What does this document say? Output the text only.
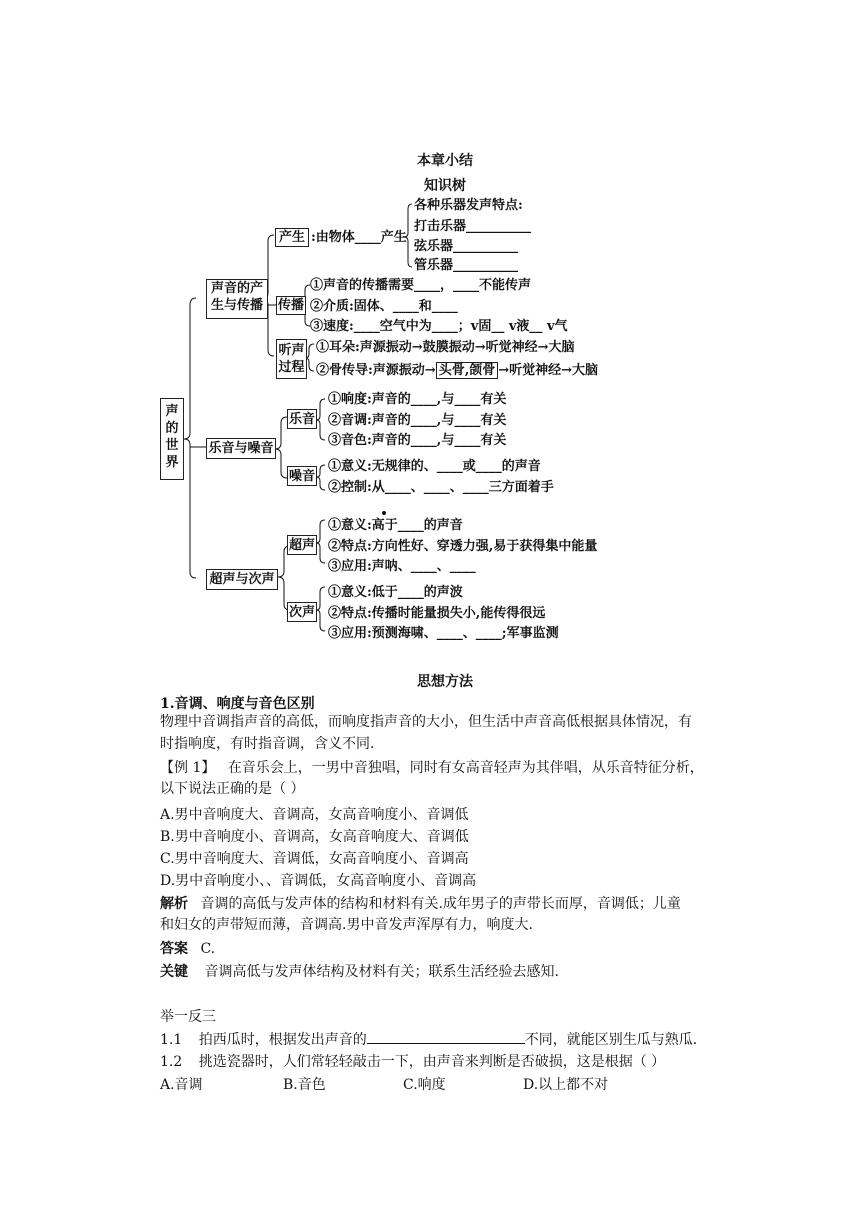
本章小结
知识树
声的世界
声音的产
生与传播
产生 :由物体____产生
各种乐器发声特点:
打击乐器__________
弦乐器__________
管乐器__________
传播
①声音的传播需要____，____不能传声
②介质:固体、____和____
③速度:____空气中为____；v固__ v液__ v气
听声
过程
①耳朵:声源振动→鼓膜振动→听觉神经→大脑
②骨传导:声源振动→ 头骨,颌骨 →听觉神经→大脑
乐音与噪音
乐音
①响度:声音的____,与____有关
②音调:声音的____,与____有关
③音色:声音的____,与____有关
噪音
①意义:无规律的、____或____的声音
②控制:从____、____、____三方面着手
超声与次声
超声
①意义:高于____的声音
②特点:方向性好、穿透力强,易于获得集中能量
③应用:声呐、____、____
次声
①意义:低于____的声波
②特点:传播时能量损失小,能传得很远
③应用:预测海啸、____、____;军事监测
思想方法
1.音调、响度与音色区别
物理中音调指声音的高低，而响度指声音的大小，但生活中声音高低根据具体情况，有
时指响度，有时指音调，含义不同.
【例 1】 在音乐会上，一男中音独唱，同时有女高音轻声为其伴唱，从乐音特征分析，
以下说法正确的是（ ）
A.男中音响度大、音调高，女高音响度小、音调低
B.男中音响度小、音调高，女高音响度大、音调低
C.男中音响度大、音调低，女高音响度小、音调高
D.男中音响度小、、音调低，女高音响度小、音调高
解析 音调的高低与发声体的结构和材料有关.成年男子的声带长而厚，音调低；儿童
和妇女的声带短而薄，音调高.男中音发声浑厚有力，响度大.
答案 C.
关键 音调高低与发声体结构及材料有关；联系生活经验去感知.
举一反三
1.1 拍西瓜时，根据发出声音的	不同，就能区别生瓜与熟瓜.
1.2 挑选瓷器时，人们常轻轻敲击一下，由声音来判断是否破损，这是根据（ ）
A.音调	B.音色	C.响度	D.以上都不对
